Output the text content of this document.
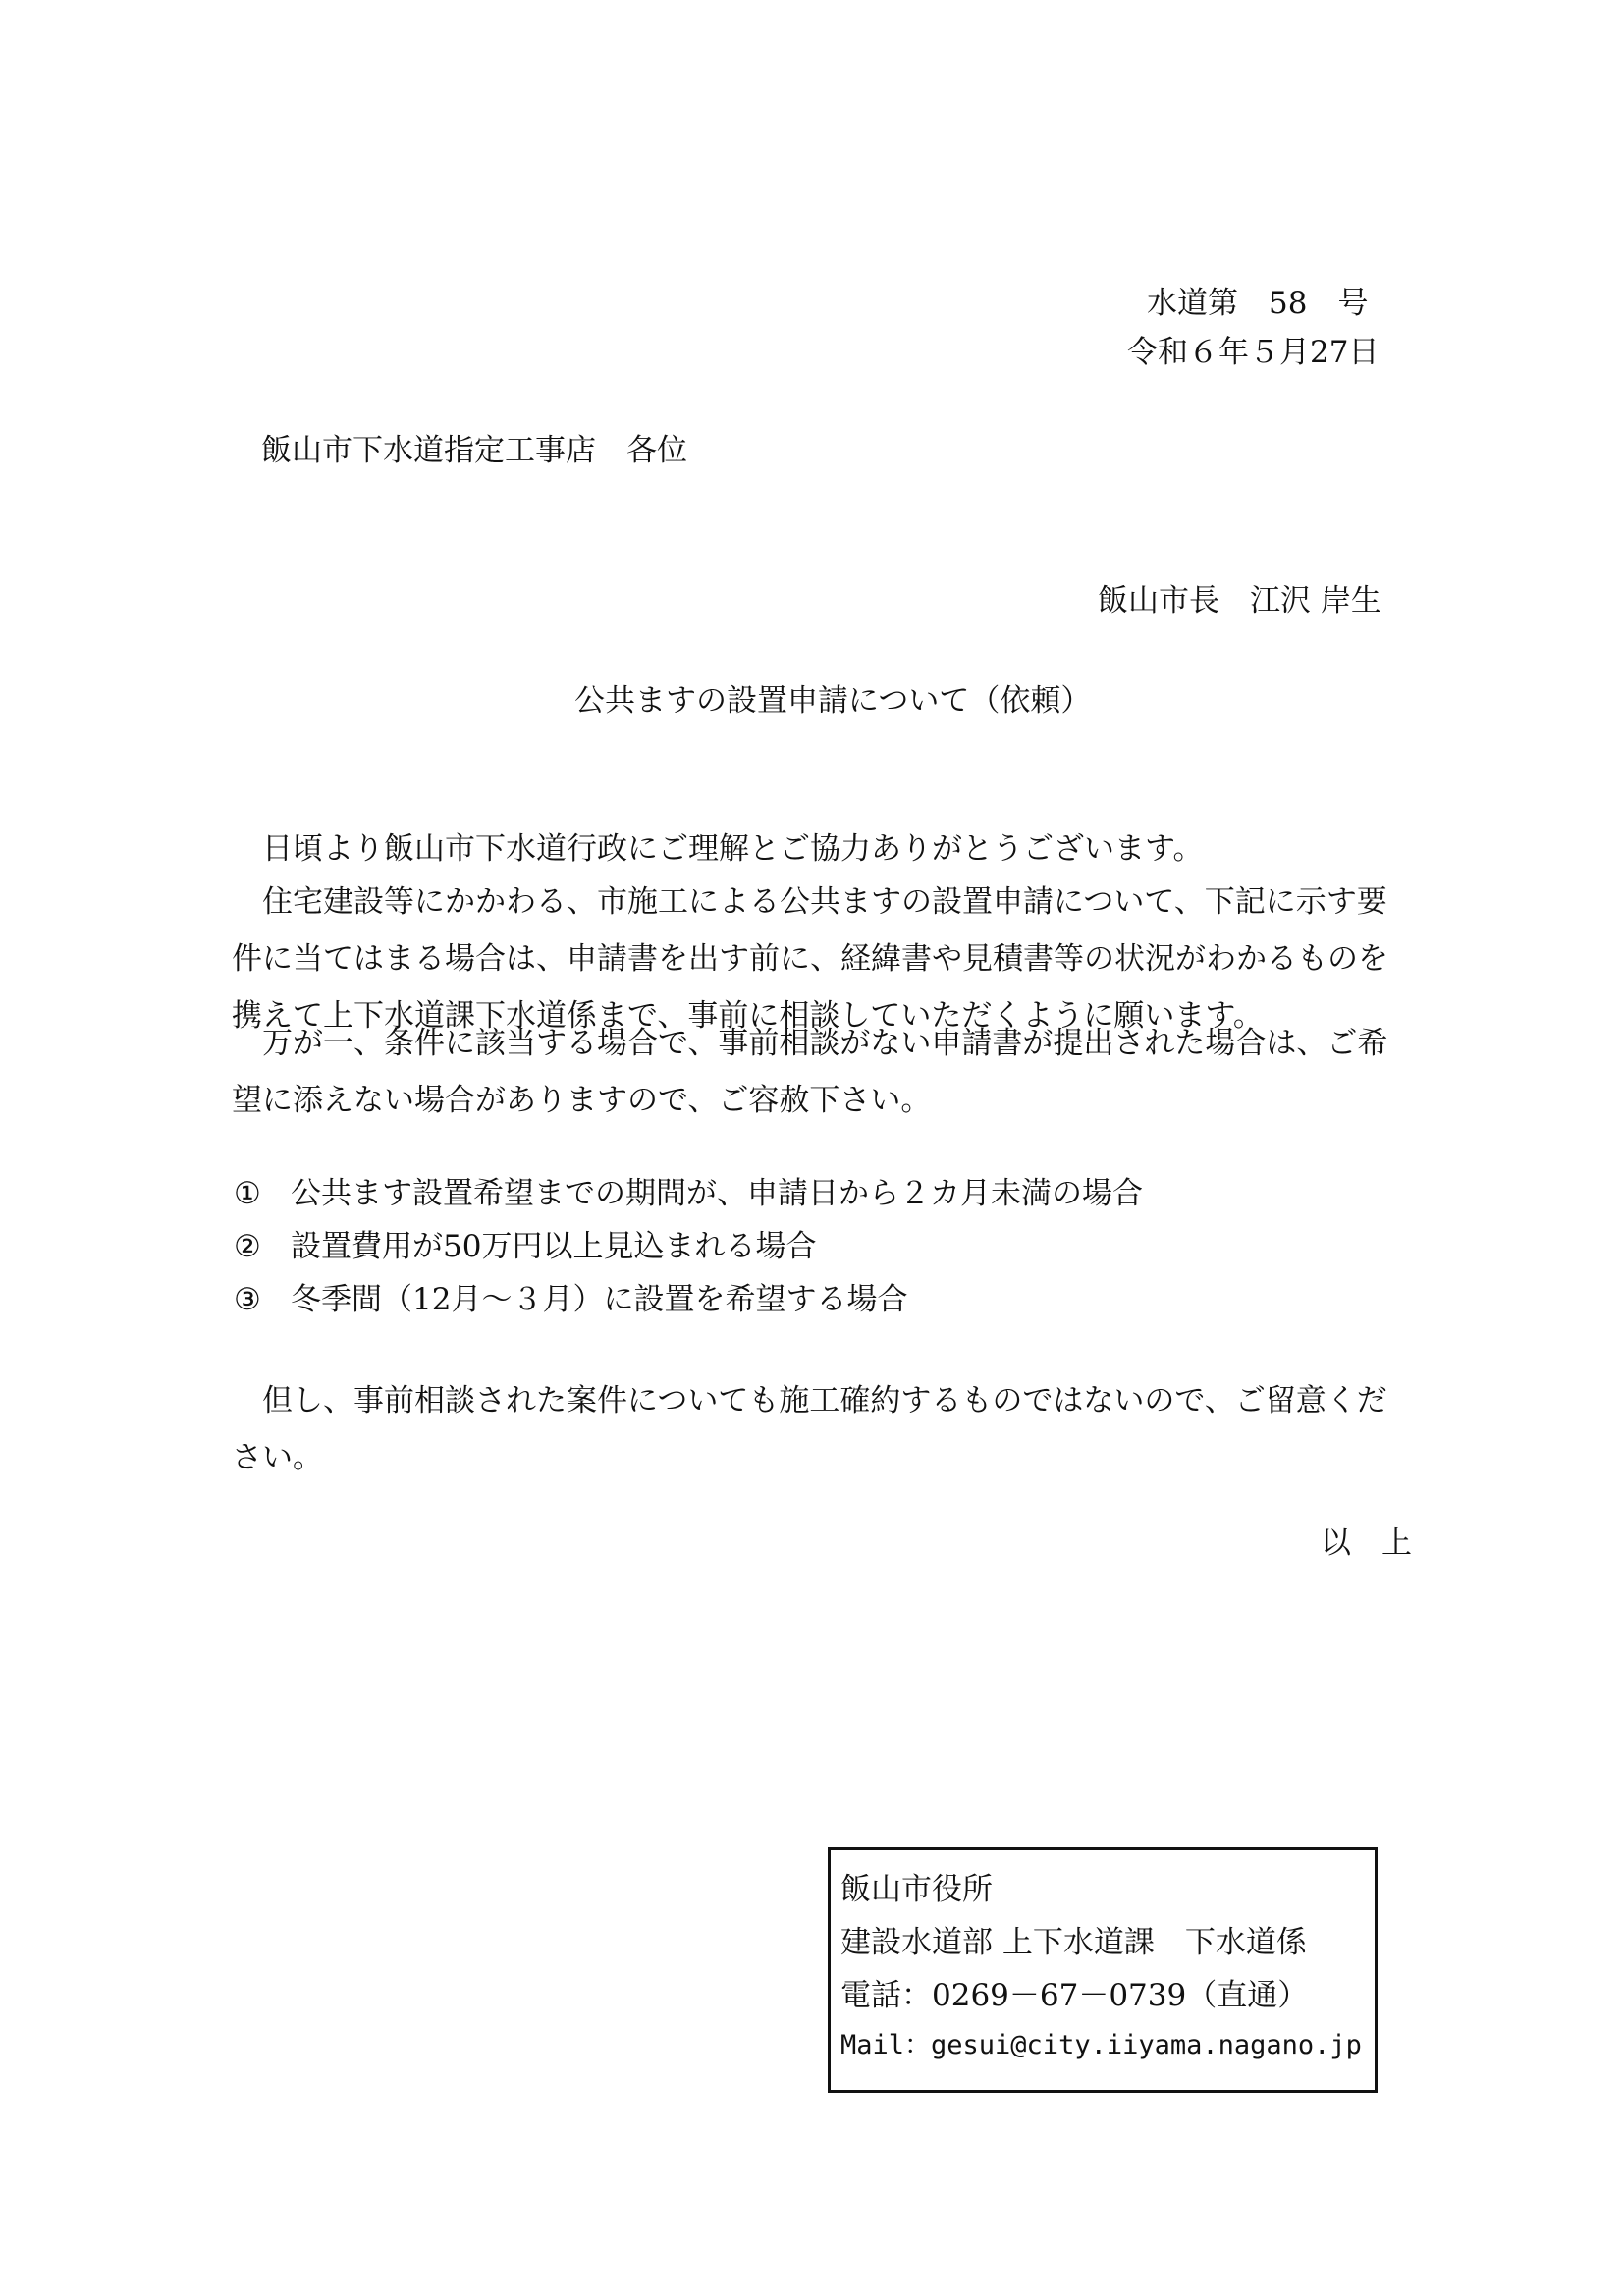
水道第　58　号
令和６年５月27日
飯山市下水道指定工事店　各位
飯山市長　江沢 岸生
公共ますの設置申請について（依頼）
日頃より飯山市下水道行政にご理解とご協力ありがとうございます。
住宅建設等にかかわる、市施工による公共ますの設置申請について、下記に示す要件に当てはまる場合は、申請書を出す前に、経緯書や見積書等の状況がわかるものを携えて上下水道課下水道係まで、事前に相談していただくように願います。
万が一、条件に該当する場合で、事前相談がない申請書が提出された場合は、ご希望に添えない場合がありますので、ご容赦下さい。
① 公共ます設置希望までの期間が、申請日から２カ月未満の場合
② 設置費用が50万円以上見込まれる場合
③ 冬季間（12月～３月）に設置を希望する場合
但し、事前相談された案件についても施工確約するものではないので、ご留意ください。
以　上
飯山市役所
建設水道部 上下水道課　下水道係
電話：0269－67－0739（直通）
Mail：gesui@city.iiyama.nagano.jp
